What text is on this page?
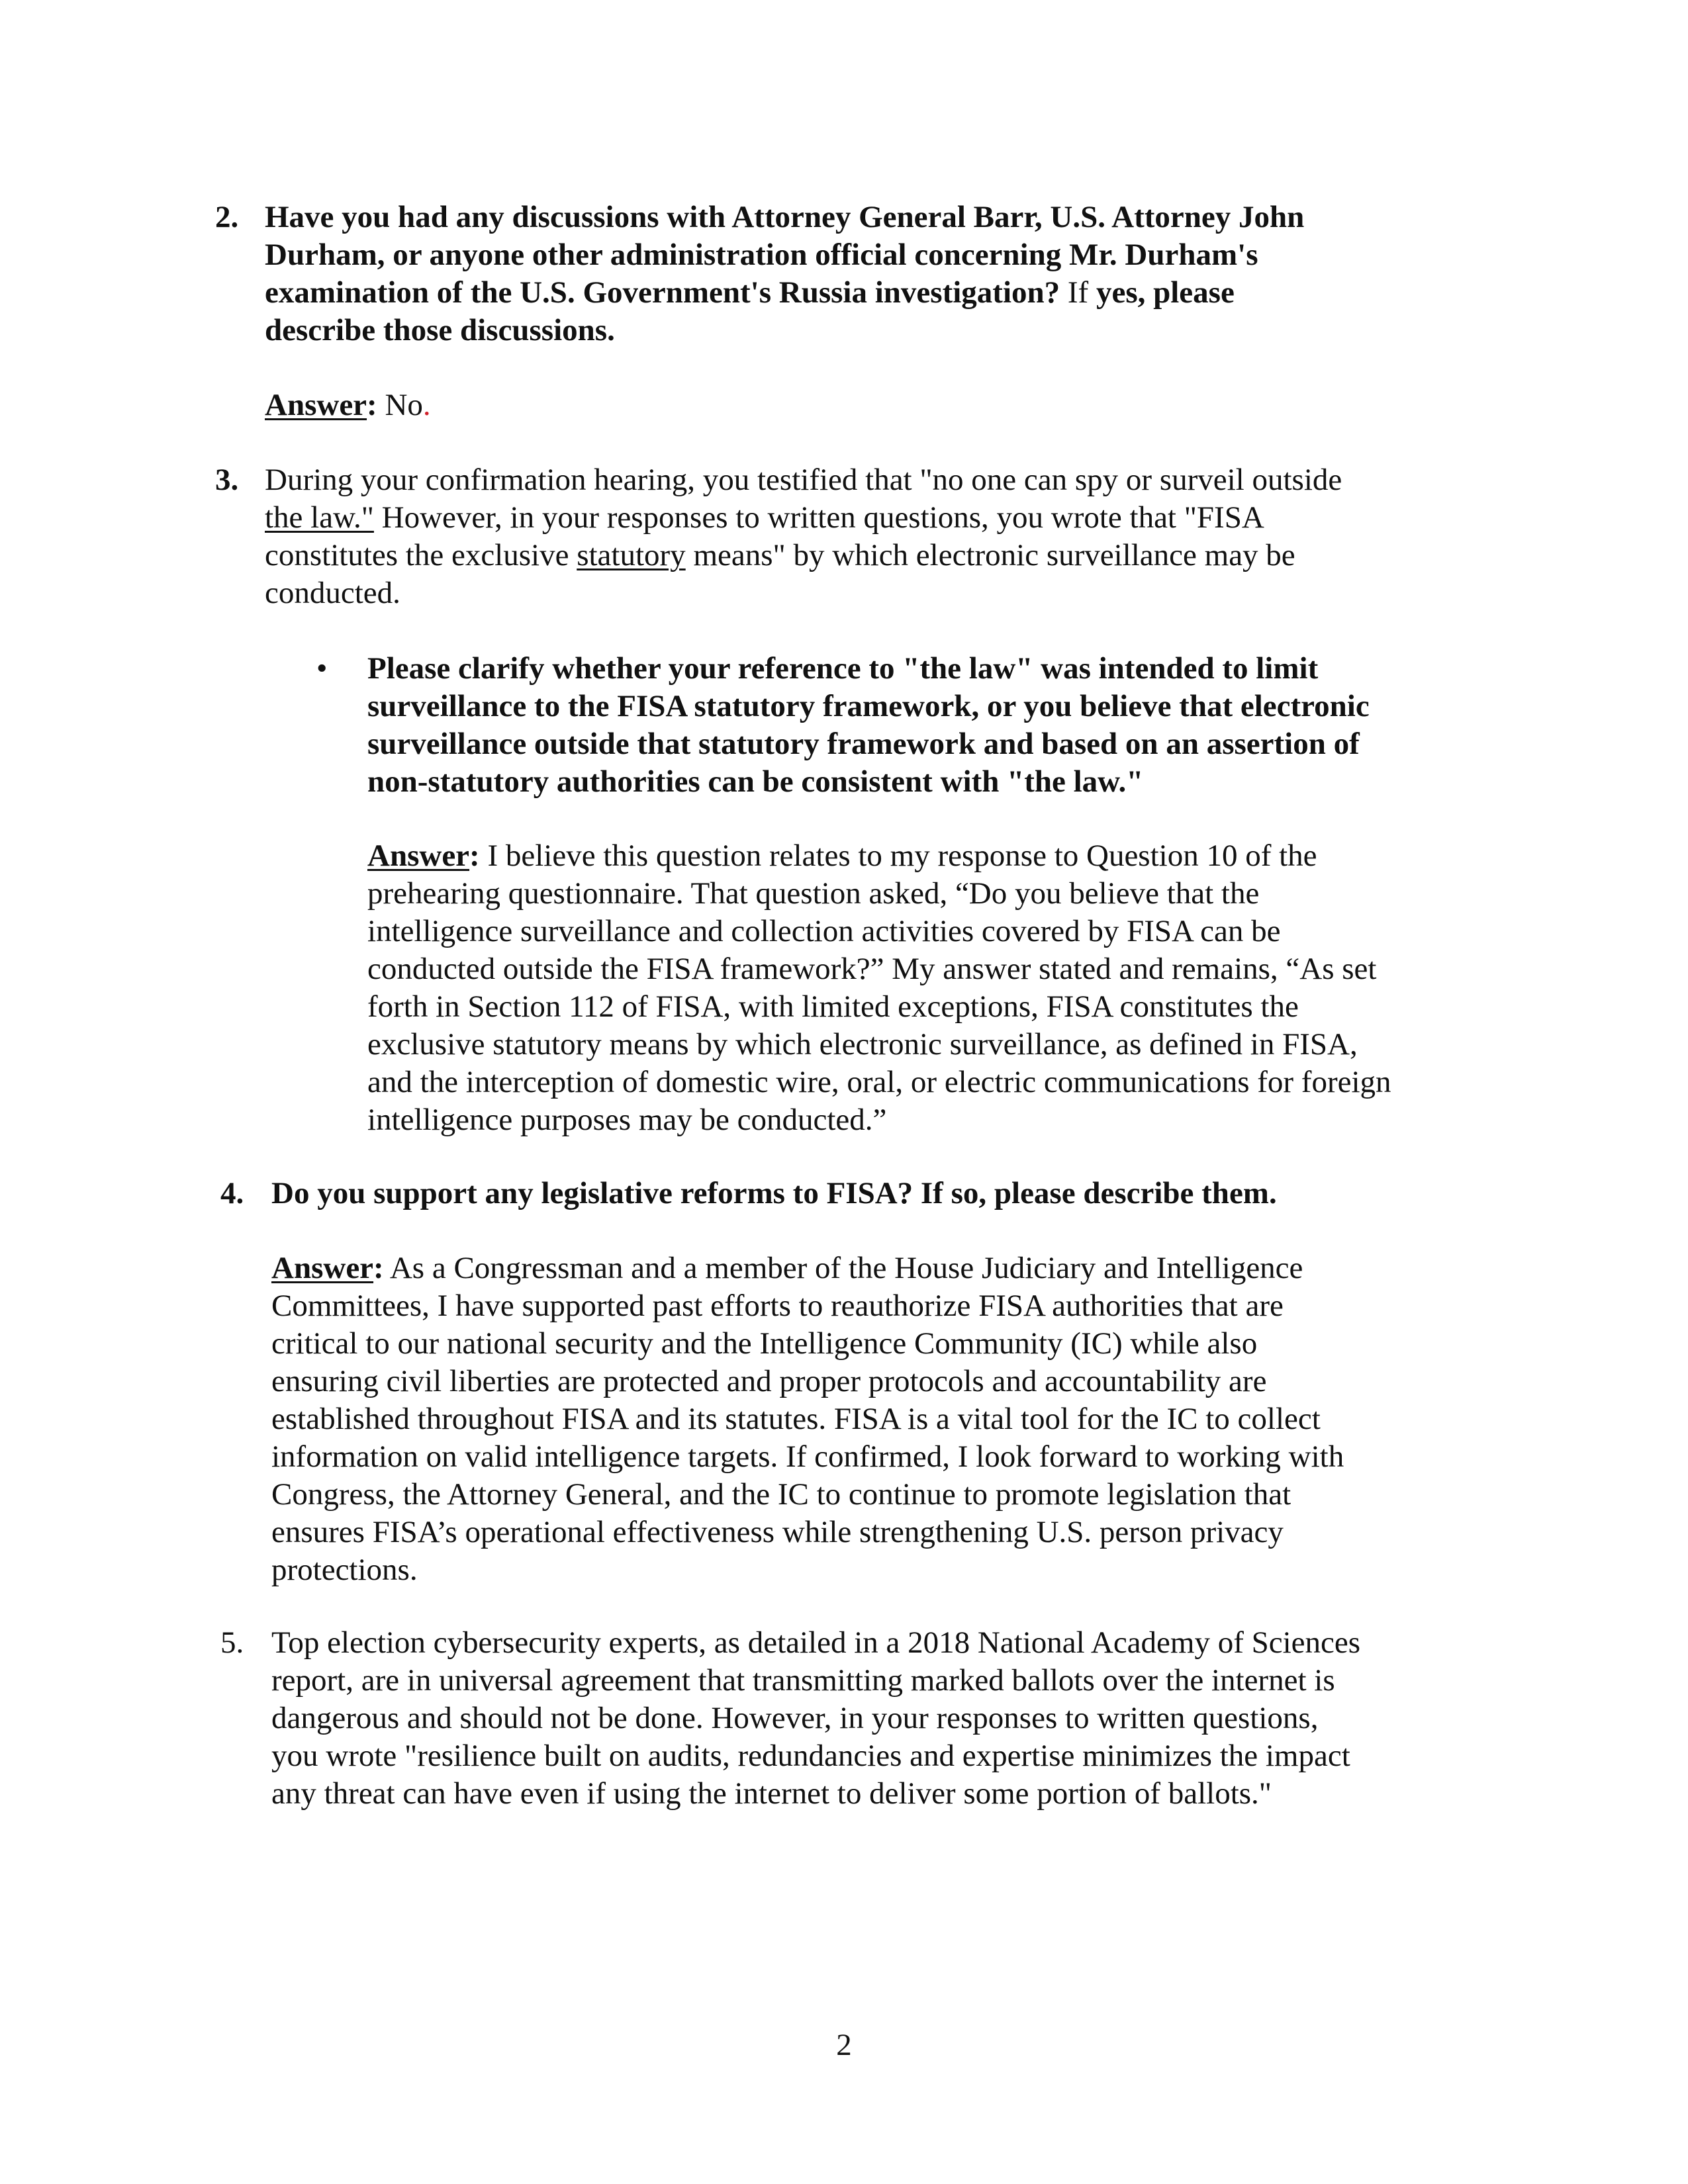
2. Have you had any discussions with Attorney General Barr, U.S. Attorney John
Durham, or anyone other administration official concerning Mr. Durham's
examination of the U.S. Government's Russia investigation? If yes, please
describe those discussions.
Answer: No.
3. During your confirmation hearing, you testified that "no one can spy or surveil outside
the law." However, in your responses to written questions, you wrote that "FISA
constitutes the exclusive statutory means" by which electronic surveillance may be
conducted.
• Please clarify whether your reference to "the law" was intended to limit
surveillance to the FISA statutory framework, or you believe that electronic
surveillance outside that statutory framework and based on an assertion of
non-statutory authorities can be consistent with "the law."
Answer: I believe this question relates to my response to Question 10 of the
prehearing questionnaire. That question asked, “Do you believe that the
intelligence surveillance and collection activities covered by FISA can be
conducted outside the FISA framework?” My answer stated and remains, “As set
forth in Section 112 of FISA, with limited exceptions, FISA constitutes the
exclusive statutory means by which electronic surveillance, as defined in FISA,
and the interception of domestic wire, oral, or electric communications for foreign
intelligence purposes may be conducted.”
4. Do you support any legislative reforms to FISA? If so, please describe them.
Answer: As a Congressman and a member of the House Judiciary and Intelligence
Committees, I have supported past efforts to reauthorize FISA authorities that are
critical to our national security and the Intelligence Community (IC) while also
ensuring civil liberties are protected and proper protocols and accountability are
established throughout FISA and its statutes. FISA is a vital tool for the IC to collect
information on valid intelligence targets. If confirmed, I look forward to working with
Congress, the Attorney General, and the IC to continue to promote legislation that
ensures FISA’s operational effectiveness while strengthening U.S. person privacy
protections.
5. Top election cybersecurity experts, as detailed in a 2018 National Academy of Sciences
report, are in universal agreement that transmitting marked ballots over the internet is
dangerous and should not be done. However, in your responses to written questions,
you wrote "resilience built on audits, redundancies and expertise minimizes the impact
any threat can have even if using the internet to deliver some portion of ballots."
2
